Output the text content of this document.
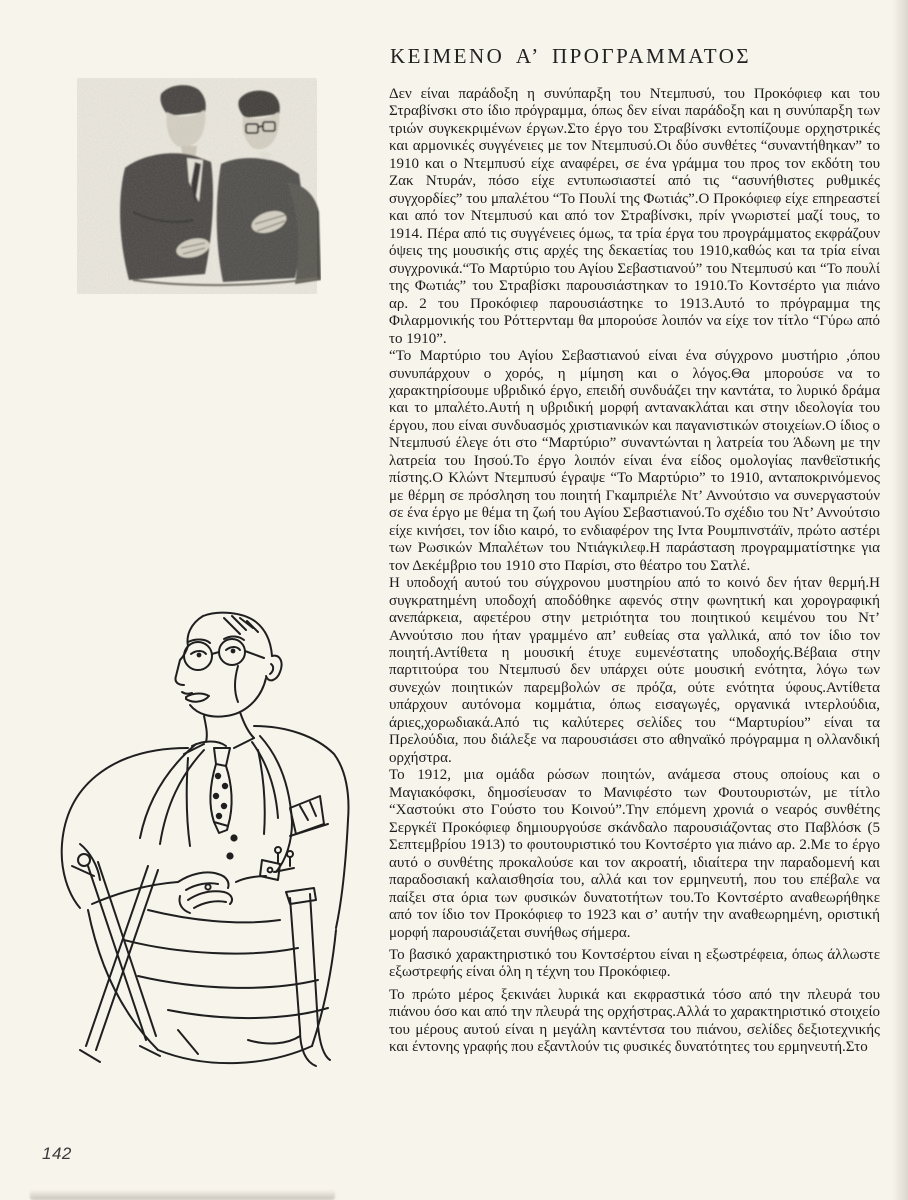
ΚΕΙΜΕΝΟ Α’ ΠΡΟΓΡΑΜΜΑΤΟΣ

Δεν είναι παράδοξη η συνύπαρξη του Ντεμπυσύ, του Προκόφιεφ και του Στραβίνσκι στο ίδιο πρόγραμμα, όπως δεν είναι παράδοξη και η συνύπαρξη των τριών συγκεκριμένων έργων.Στο έργο του Στραβίνσκι εντοπίζουμε ορχηστρικές και αρμονικές συγγένειες με τον Ντεμπυσύ.Οι δύο συνθέτες “συναντήθηκαν” το 1910 και ο Ντεμπυσύ είχε αναφέρει, σε ένα γράμμα του προς τον εκδότη του Ζακ Ντυράν, πόσο είχε εντυπωσιαστεί από τις “ασυνήθιστες ρυθμικές συγχορδίες” του μπαλέτου “Το Πουλί της Φωτιάς”.Ο Προκόφιεφ είχε επηρεαστεί και από τον Ντεμπυσύ και από τον Στραβίνσκι, πρίν γνωριστεί μαζί τους, το 1914. Πέρα από τις συγγένειες όμως, τα τρία έργα του προγράμματος εκφράζουν όψεις της μουσικής στις αρχές της δεκαετίας του 1910,καθώς και τα τρία είναι συγχρονικά.“Το Μαρτύριο του Αγίου Σεβαστιανού” του Ντεμπυσύ και “Το πουλί της Φωτιάς” του Στραβίσκι παρουσιάστηκαν το 1910.Το Κοντσέρτο για πιάνο αρ. 2 του Προκόφιεφ παρουσιάστηκε το 1913.Αυτό το πρόγραμμα της Φιλαρμονικής του Ρόττερνταμ θα μπορούσε λοιπόν να είχε τον τίτλο “Γύρω από το 1910”.

“Το Μαρτύριο του Αγίου Σεβαστιανού είναι ένα σύγχρονο μυστήριο ,όπου συνυπάρχουν ο χορός, η μίμηση και ο λόγος.Θα μπορούσε να το χαρακτηρίσουμε υβριδικό έργο, επειδή συνδυάζει την καντάτα, το λυρικό δράμα και το μπαλέτο.Αυτή η υβριδική μορφή αντανακλάται και στην ιδεολογία του έργου, που είναι συνδυασμός χριστιανικών και παγανιστικών στοιχείων.Ο ίδιος ο Ντεμπυσύ έλεγε ότι στο “Μαρτύριο” συναντώνται η λατρεία του Άδωνη με την λατρεία του Ιησού.Το έργο λοιπόν είναι ένα είδος ομολογίας πανθεϊστικής πίστης.Ο Κλώντ Ντεμπυσύ έγραψε “Το Μαρτύριο” το 1910, ανταποκρινόμενος με θέρμη σε πρόσληση του ποιητή Γκαμπριέλε Ντ’ Αννούτσιο να συνεργαστούν σε ένα έργο με θέμα τη ζωή του Αγίου Σεβαστιανού.Το σχέδιο του Ντ’ Αννούτσιο είχε κινήσει, τον ίδιο καιρό, το ενδιαφέρον της Ιντα Ρουμπινστάϊν, πρώτο αστέρι των Ρωσικών Μπαλέτων του Ντιάγκιλεφ.Η παράσταση προγραμματίστηκε για τον Δεκέμβριο του 1910 στο Παρίσι, στο θέατρο του Σατλέ.

Η υποδοχή αυτού του σύγχρονου μυστηρίου από το κοινό δεν ήταν θερμή.Η συγκρατημένη υποδοχή αποδόθηκε αφενός στην φωνητική και χορογραφική ανεπάρκεια, αφετέρου στην μετριότητα του ποιητικού κειμένου του Ντ’ Αννούτσιο που ήταν γραμμένο απ’ ευθείας στα γαλλικά, από τον ίδιο τον ποιητή.Αντίθετα η μουσική έτυχε ευμενέστατης υποδοχής.Βέβαια στην παρτιτούρα του Ντεμπυσύ δεν υπάρχει ούτε μουσική ενότητα, λόγω των συνεχών ποιητικών παρεμβολών σε πρόζα, ούτε ενότητα ύφους.Αντίθετα υπάρχουν αυτόνομα κομμάτια, όπως εισαγωγές, οργανικά ιντερλούδια, άριες,χορωδιακά.Από τις καλύτερες σελίδες του “Μαρτυρίου” είναι τα Πρελούδια, που διάλεξε να παρουσιάσει στο αθηναϊκό πρόγραμμα η ολλανδική ορχήστρα.

Το 1912, μια ομάδα ρώσων ποιητών, ανάμεσα στους οποίους και ο Μαγιακόφσκι, δημοσίευσαν το Μανιφέστο των Φουτουριστών, με τίτλο “Χαστούκι στο Γούστο του Κοινού”.Την επόμενη χρονιά ο νεαρός συνθέτης Σεργκέϊ Προκόφιεφ δημιουργούσε σκάνδαλο παρουσιάζοντας στο Παβλόσκ (5 Σεπτεμβρίου 1913) το φουτουριστικό του Κοντσέρτο για πιάνο αρ. 2.Με το έργο αυτό ο συνθέτης προκαλούσε και τον ακροατή, ιδιαίτερα την παραδομενή και παραδοσιακή καλαισθησία του, αλλά και τον ερμηνευτή, που του επέβαλε να παίξει στα όρια των φυσικών δυνατοτήτων του.Το Κοντσέρτο αναθεωρήθηκε από τον ίδιο τον Προκόφιεφ το 1923 και σ’ αυτήν την αναθεωρημένη, οριστική μορφή παρουσιάζεται συνήθως σήμερα.

Το βασικό χαρακτηριστικό του Κοντσέρτου είναι η εξωστρέφεια, όπως άλλωστε εξωστρεφής είναι όλη η τέχνη του Προκόφιεφ.

Το πρώτο μέρος ξεκινάει λυρικά και εκφραστικά τόσο από την πλευρά του πιάνου όσο και από την πλευρά της ορχήστρας.Αλλά το χαρακτηριστικό στοιχείο του μέρους αυτού είναι η μεγάλη καντέντσα του πιάνου, σελίδες δεξιοτεχνικής και έντονης γραφής που εξαντλούν τις φυσικές δυνατότητες του ερμηνευτή.Στο

142
